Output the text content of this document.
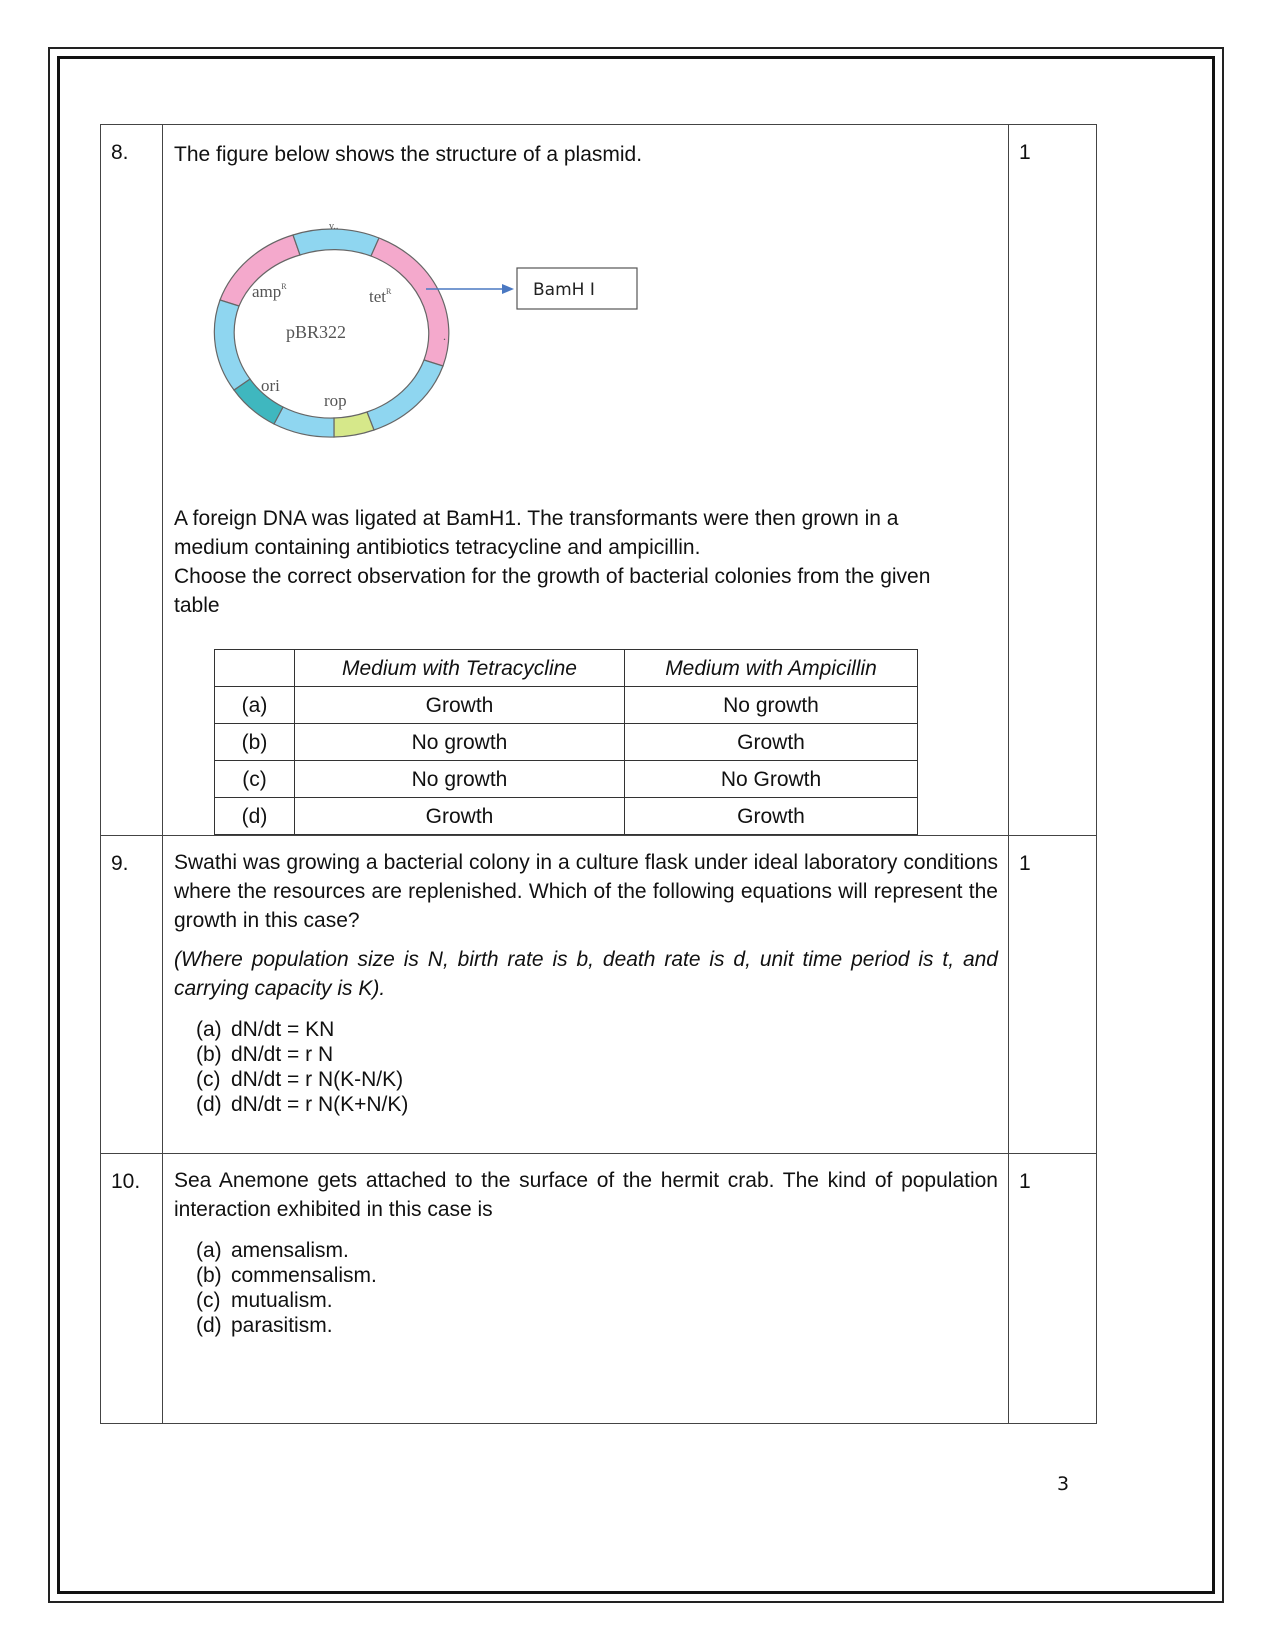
8.	The figure below shows the structure of a plasmid.

v..
.
amp$^R$
tet$^R$
pBR322
ori
rop
BamH I

A foreign DNA was ligated at BamH1. The transformants were then grown in a

medium containing antibiotics tetracycline and ampicillin.

Choose the correct observation for the growth of bacterial colonies from the given

table

	Medium with Tetracycline	Medium with Ampicillin
(a)	Growth	No growth
(b)	No growth	Growth
(c)	No growth	No Growth
(d)	Growth	Growth
	1
9.	Swathi was growing a bacterial colony in a culture flask under ideal laboratory conditions where the resources are replenished. Which of the following equations will represent the growth in this case?

(Where population size is N, birth rate is b, death rate is d, unit time period is t, and carrying capacity is K).

(a) dN/dt = KN
(b) dN/dt = r N
(c) dN/dt = r N(K-N/K)
(d) dN/dt = r N(K+N/K)
	1
10.	Sea Anemone gets attached to the surface of the hermit crab. The kind of population interaction exhibited in this case is

(a) amensalism.
(b) commensalism.
(c) mutualism.
(d) parasitism.
	1
3
